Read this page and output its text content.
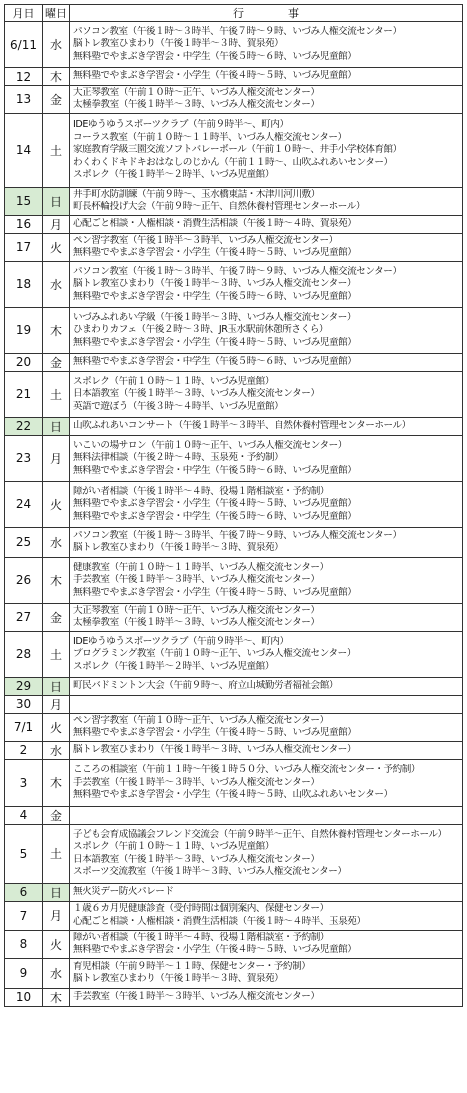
月日	曜日	行　　　　事
6/11	水	パソコン教室（午後１時～３時半、午後７時～９時、いづみ人権交流センター）
脳トレ教室ひまわり（午後１時半～３時、賀泉苑）
無料塾でやまぶき学習会・中学生（午後５時～６時、いづみ児童館）

12	木	無料塾でやまぶき学習会・小学生（午後４時～５時、いづみ児童館）

13	金	大正琴教室（午前１０時～正午、いづみ人権交流センター）
太極拳教室（午後１時半～３時、いづみ人権交流センター）

14	土	IDEゆうゆうスポーツクラブ（午前９時半～、町内）
コーラス教室（午前１０時～１１時半、いづみ人権交流センター）
家庭教育学級三園交流ソフトバレーボール（午前１０時～、井手小学校体育館）
わくわくドキドキおはなしのじかん（午前１１時～、山吹ふれあいセンター）
スポレク（午後１時半～２時半、いづみ児童館）

15	日	井手町水防訓練（午前９時～、玉水橋東詰・木津川河川敷）
町長杯輪投げ大会（午前９時～正午、自然休養村管理センターホール）

16	月	心配ごと相談・人権相談・消費生活相談（午後１時～４時、賀泉苑）

17	火	ペン習字教室（午後１時半～３時半、いづみ人権交流センター）
無料塾でやまぶき学習会・小学生（午後４時～５時、いづみ児童館）

18	水	パソコン教室（午後１時～３時半、午後７時～９時、いづみ人権交流センター）
脳トレ教室ひまわり（午後１時半～３時、いづみ人権交流センター）
無料塾でやまぶき学習会・中学生（午後５時～６時、いづみ児童館）

19	木	いづみふれあい学級（午後１時半～３時、いづみ人権交流センター）
ひまわりカフェ（午後２時～３時、JR玉水駅前休憩所さくら）
無料塾でやまぶき学習会・小学生（午後４時～５時、いづみ児童館）

20	金	無料塾でやまぶき学習会・中学生（午後５時～６時、いづみ児童館）

21	土	スポレク（午前１０時～１１時、いづみ児童館）
日本語教室（午後１時半～３時、いづみ人権交流センター）
英語で遊ぼう（午後３時～４時半、いづみ児童館）

22	日	山吹ふれあいコンサート（午後１時半～３時半、自然休養村管理センターホール）

23	月	いこいの場サロン（午前１０時～正午、いづみ人権交流センター）
無料法律相談（午後２時～４時、玉泉苑・予約制）
無料塾でやまぶき学習会・中学生（午後５時～６時、いづみ児童館）

24	火	障がい者相談（午後１時半～４時、役場１階相談室・予約制）
無料塾でやまぶき学習会・小学生（午後４時～５時、いづみ児童館）
無料塾でやまぶき学習会・中学生（午後５時～６時、いづみ児童館）

25	水	パソコン教室（午後１時～３時半、午後７時～９時、いづみ人権交流センター）
脳トレ教室ひまわり（午後１時半～３時、賀泉苑）

26	木	健康教室（午前１０時～１１時半、いづみ人権交流センター）
手芸教室（午後１時半～３時半、いづみ人権交流センター）
無料塾でやまぶき学習会・小学生（午後４時～５時、いづみ児童館）

27	金	大正琴教室（午前１０時～正午、いづみ人権交流センター）
太極拳教室（午後１時半～３時、いづみ人権交流センター）

28	土	IDEゆうゆうスポーツクラブ（午前９時半～、町内）
プログラミング教室（午前１０時～正午、いづみ人権交流センター）
スポレク（午後１時半～２時半、いづみ児童館）

29	日	町民バドミントン大会（午前９時～、府立山城勤労者福祉会館）

30	月	

7/1	火	ペン習字教室（午前１０時～正午、いづみ人権交流センター）
無料塾でやまぶき学習会・小学生（午後４時～５時、いづみ児童館）

2	水	脳トレ教室ひまわり（午後１時半～３時、いづみ人権交流センター）

3	木	こころの相談室（午前１１時～午後１時５０分、いづみ人権交流センター・予約制）
手芸教室（午後１時半～３時半、いづみ人権交流センター）
無料塾でやまぶき学習会・小学生（午後４時～５時、山吹ふれあいセンター）

4	金	

5	土	子ども会育成協議会フレンド交流会（午前９時半～正午、自然休養村管理センターホール）
スポレク（午前１０時～１１時、いづみ児童館）
日本語教室（午後１時半～３時、いづみ人権交流センター）
スポーツ交流教室（午後１時半～３時、いづみ人権交流センター）

6	日	無火災デー防火パレード

7	月	１歳６カ月児健康診査（受付時間は個別案内、保健センター）
心配ごと相談・人権相談・消費生活相談（午後１時～４時半、玉泉苑）

8	火	障がい者相談（午後１時半～４時、役場１階相談室・予約制）
無料塾でやまぶき学習会・小学生（午後４時～５時、いづみ児童館）

9	水	育児相談（午前９時半～１１時、保健センター・予約制）
脳トレ教室ひまわり（午後１時半～３時、賀泉苑）

10	木	手芸教室（午後１時半～３時半、いづみ人権交流センター）
